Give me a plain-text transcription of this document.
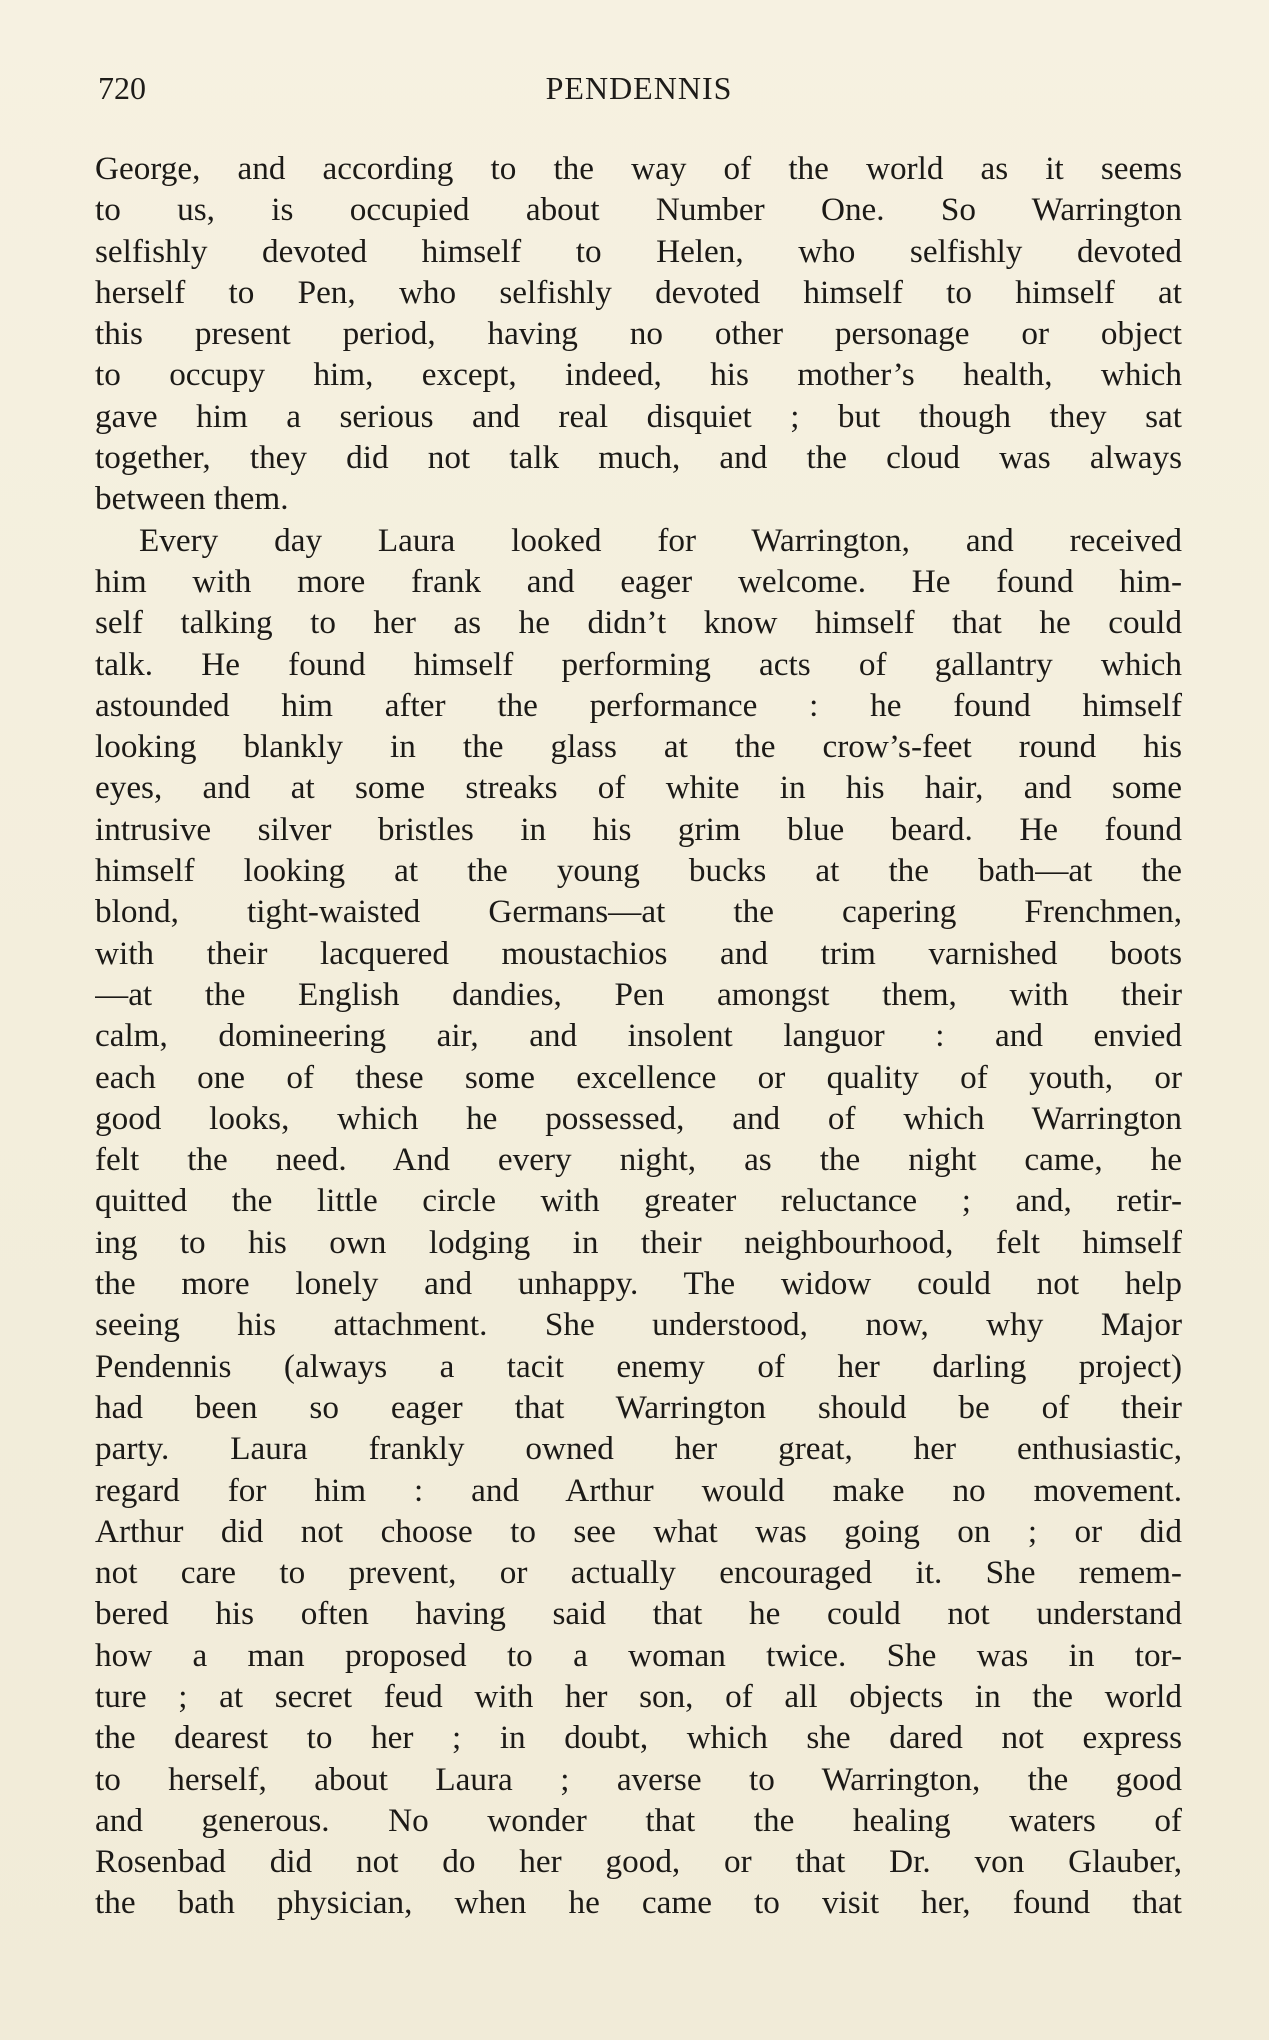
720	PENDENNIS
George, and according to the way of the world as it seems
to us, is occupied about Number One. So Warrington
selfishly devoted himself to Helen, who selfishly devoted
herself to Pen, who selfishly devoted himself to himself at
this present period, having no other personage or object
to occupy him, except, indeed, his mother’s health, which
gave him a serious and real disquiet ; but though they sat
together, they did not talk much, and the cloud was always
between them.
Every day Laura looked for Warrington, and received
him with more frank and eager welcome. He found him-
self talking to her as he didn’t know himself that he could
talk. He found himself performing acts of gallantry which
astounded him after the performance : he found himself
looking blankly in the glass at the crow’s-feet round his
eyes, and at some streaks of white in his hair, and some
intrusive silver bristles in his grim blue beard. He found
himself looking at the young bucks at the bath—at the
blond, tight-waisted Germans—at the capering Frenchmen,
with their lacquered moustachios and trim varnished boots
—at the English dandies, Pen amongst them, with their
calm, domineering air, and insolent languor : and envied
each one of these some excellence or quality of youth, or
good looks, which he possessed, and of which Warrington
felt the need. And every night, as the night came, he
quitted the little circle with greater reluctance ; and, retir-
ing to his own lodging in their neighbourhood, felt himself
the more lonely and unhappy. The widow could not help
seeing his attachment. She understood, now, why Major
Pendennis (always a tacit enemy of her darling project)
had been so eager that Warrington should be of their
party. Laura frankly owned her great, her enthusiastic,
regard for him : and Arthur would make no movement.
Arthur did not choose to see what was going on ; or did
not care to prevent, or actually encouraged it. She remem-
bered his often having said that he could not understand
how a man proposed to a woman twice. She was in tor-
ture ; at secret feud with her son, of all objects in the world
the dearest to her ; in doubt, which she dared not express
to herself, about Laura ; averse to Warrington, the good
and generous. No wonder that the healing waters of
Rosenbad did not do her good, or that Dr. von Glauber,
the bath physician, when he came to visit her, found that
